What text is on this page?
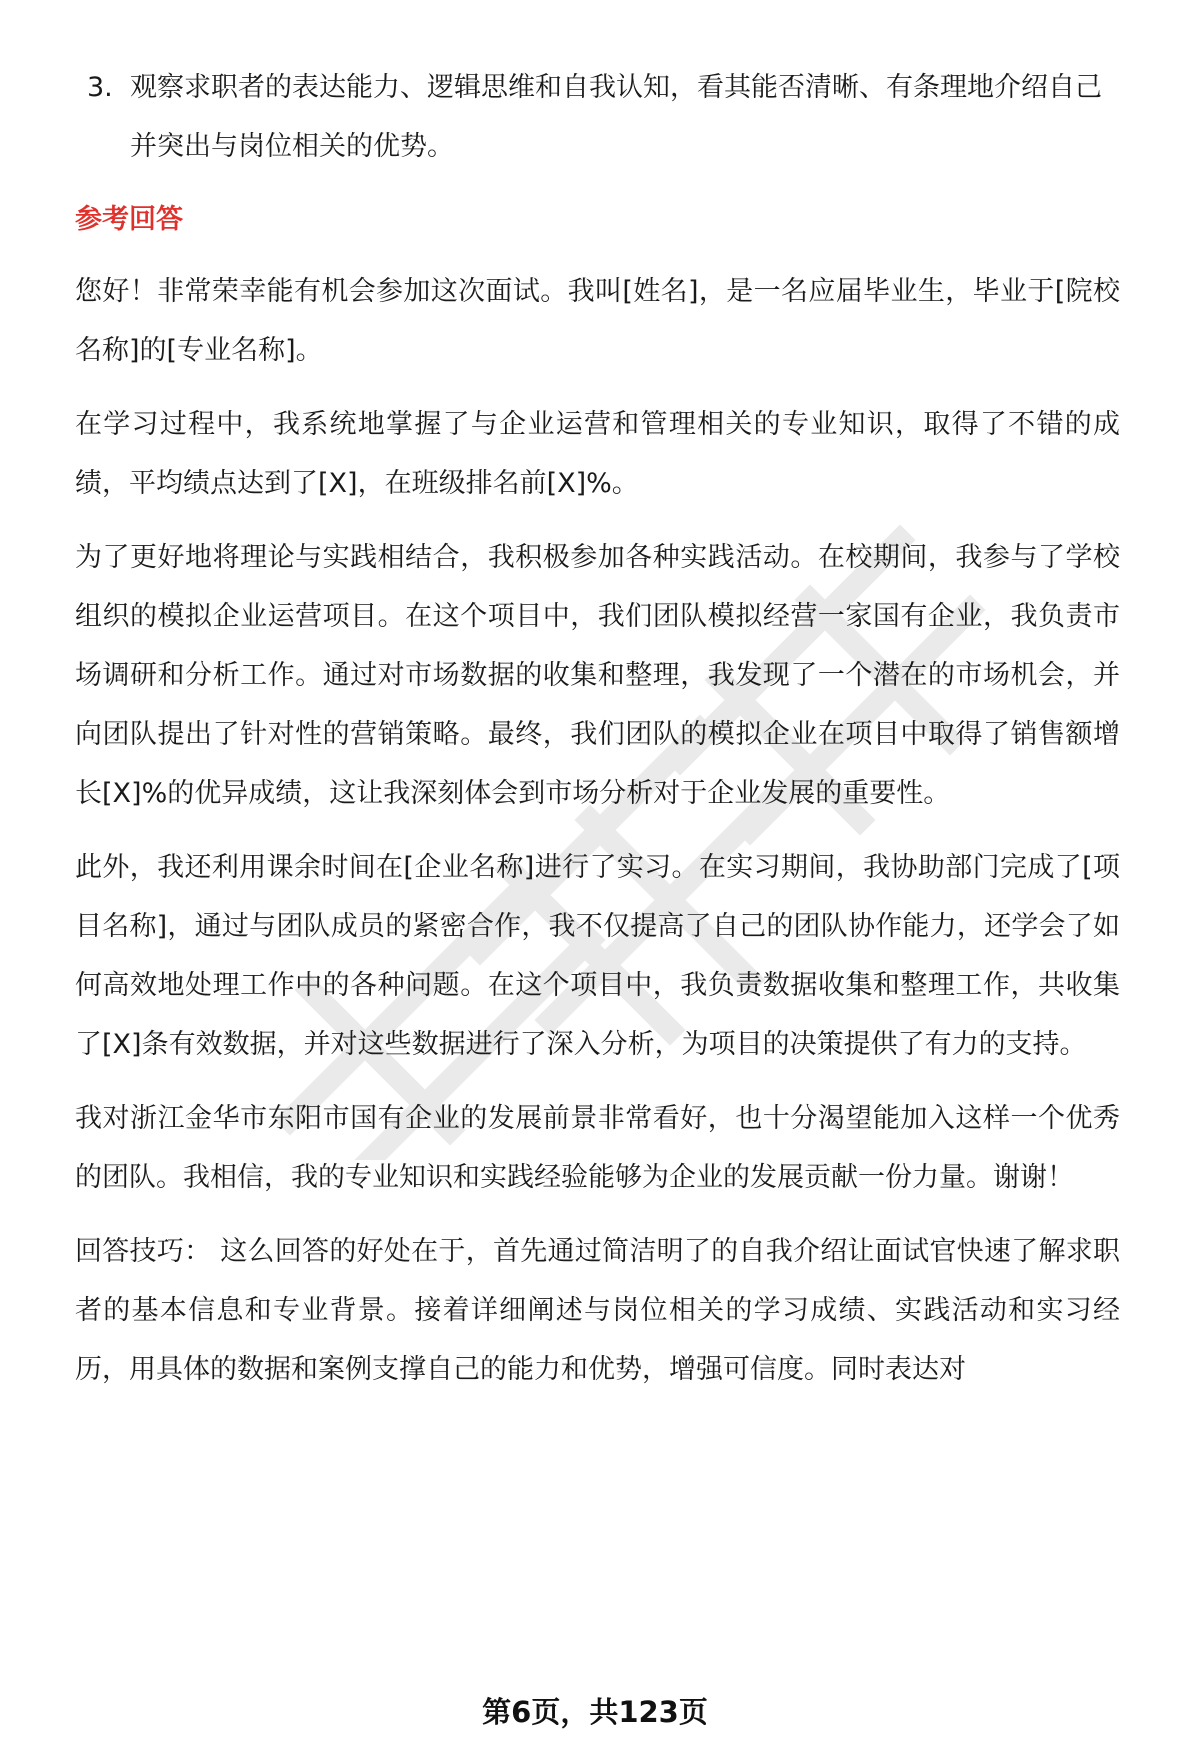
3. 观察求职者的表达能力、逻辑思维和自我认知，看其能否清晰、有条理地介绍自己并突出与岗位相关的优势。
参考回答
您好！非常荣幸能有机会参加这次面试。我叫[姓名]，是一名应届毕业生，毕业于[院校名称]的[专业名称]。
在学习过程中，我系统地掌握了与企业运营和管理相关的专业知识，取得了不错的成绩，平均绩点达到了[X]，在班级排名前[X]%。
为了更好地将理论与实践相结合，我积极参加各种实践活动。在校期间，我参与了学校组织的模拟企业运营项目。在这个项目中，我们团队模拟经营一家国有企业，我负责市场调研和分析工作。通过对市场数据的收集和整理，我发现了一个潜在的市场机会，并向团队提出了针对性的营销策略。最终，我们团队的模拟企业在项目中取得了销售额增长[X]%的优异成绩，这让我深刻体会到市场分析对于企业发展的重要性。
此外，我还利用课余时间在[企业名称]进行了实习。在实习期间，我协助部门完成了[项目名称]，通过与团队成员的紧密合作，我不仅提高了自己的团队协作能力，还学会了如何高效地处理工作中的各种问题。在这个项目中，我负责数据收集和整理工作，共收集了[X]条有效数据，并对这些数据进行了深入分析，为项目的决策提供了有力的支持。
我对浙江金华市东阳市国有企业的发展前景非常看好，也十分渴望能加入这样一个优秀的团队。我相信，我的专业知识和实践经验能够为企业的发展贡献一份力量。谢谢！
回答技巧： 这么回答的好处在于，首先通过简洁明了的自我介绍让面试官快速了解求职者的基本信息和专业背景。接着详细阐述与岗位相关的学习成绩、实践活动和实习经历，用具体的数据和案例支撑自己的能力和优势，增强可信度。同时表达对
第6页，共123页
